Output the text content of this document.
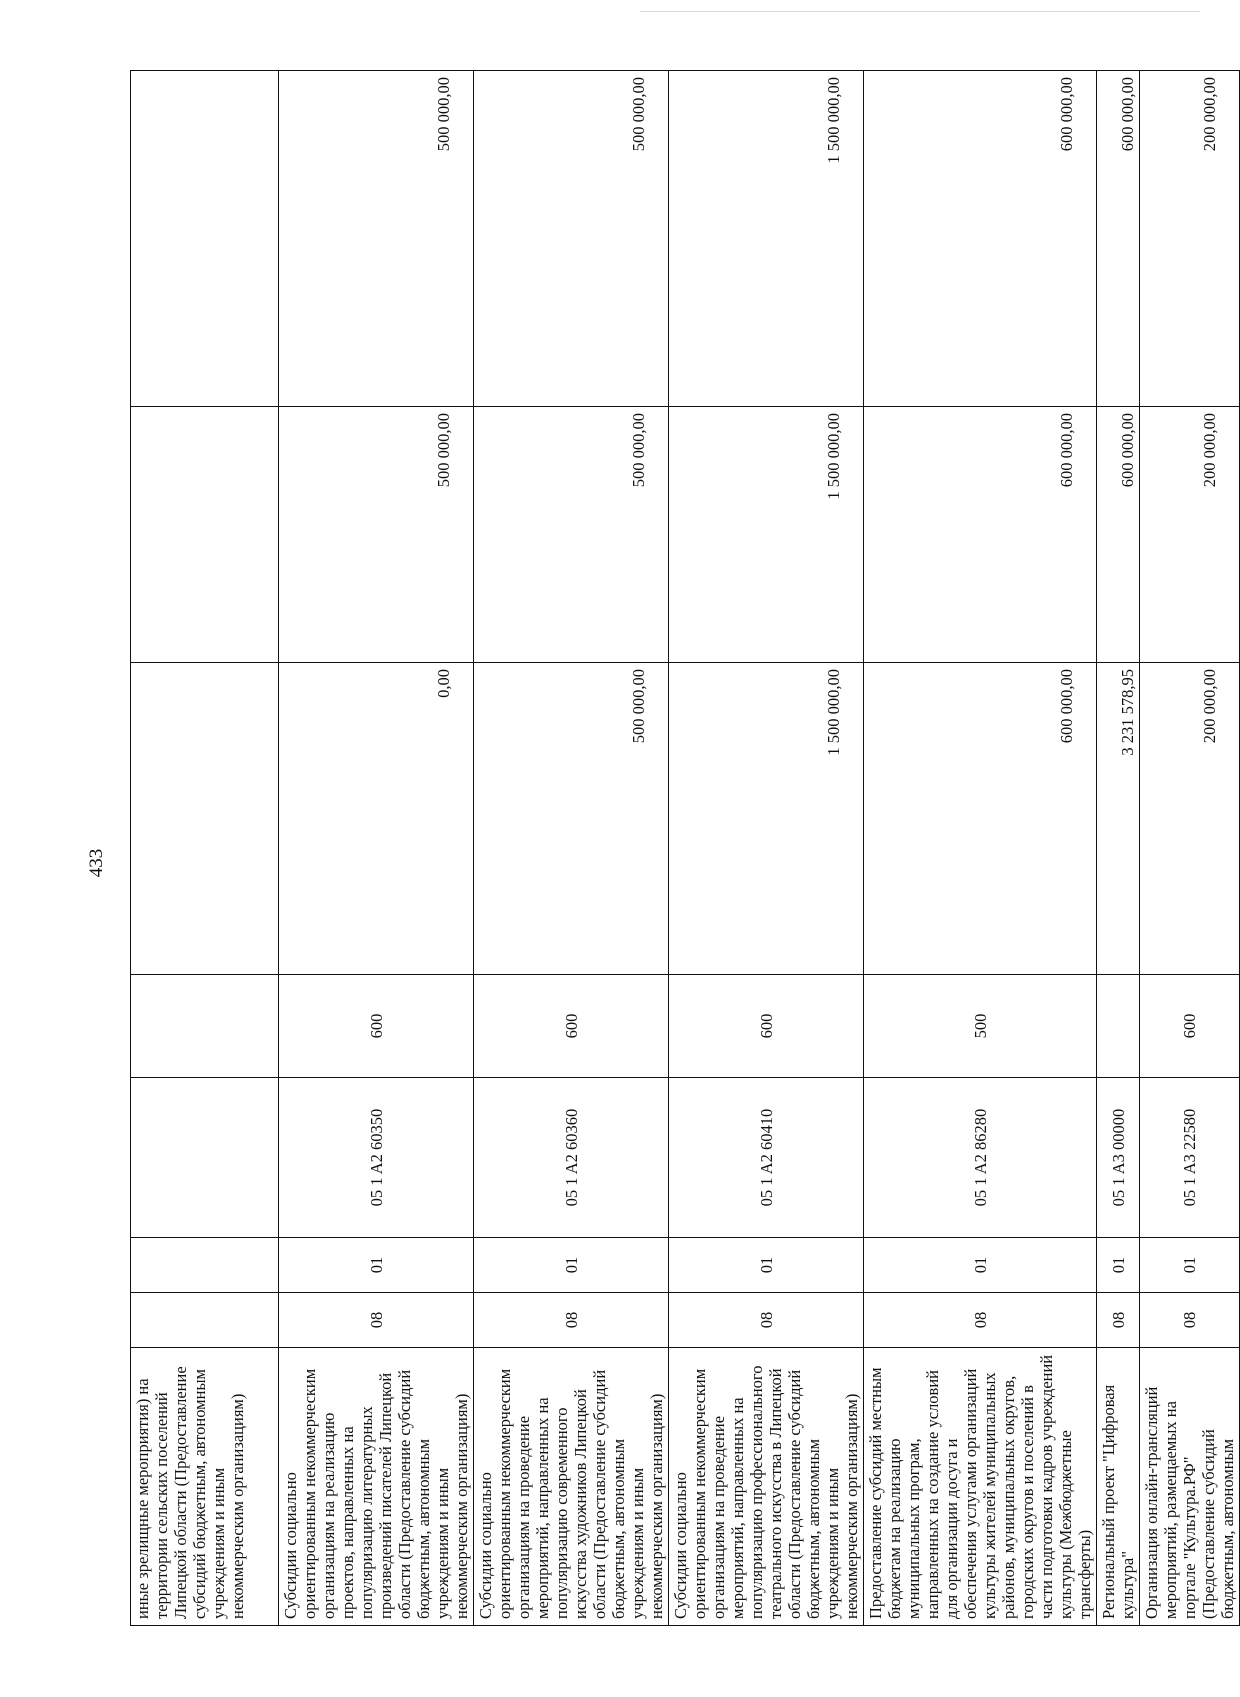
433
иные зрелищные мероприятия) на территории сельских поселений Липецкой области (Предоставление субсидий бюджетным, автономным учреждениям и иным некоммерческим организациям)							
Субсидии социально ориентированным некоммерческим организациям на реализацию проектов, направленных на популяризацию литературных произведений писателей Липецкой области (Предоставление субсидий бюджетным, автономным учреждениям и иным некоммерческим организациям)	08	01	05 1 A2 60350	600	0,00	500 000,00	500 000,00
Субсидии социально ориентированным некоммерческим организациям на проведение мероприятий, направленных на популяризацию современного искусства художников Липецкой области (Предоставление субсидий бюджетным, автономным учреждениям и иным некоммерческим организациям)	08	01	05 1 A2 60360	600	500 000,00	500 000,00	500 000,00
Субсидии социально ориентированным некоммерческим организациям на проведение мероприятий, направленных на популяризацию профессионального театрального искусства в Липецкой области (Предоставление субсидий бюджетным, автономным учреждениям и иным некоммерческим организациям)	08	01	05 1 A2 60410	600	1 500 000,00	1 500 000,00	1 500 000,00
Предоставление субсидий местным бюджетам на реализацию муниципальных програм, направленных на создание условий для организации досуга и обеспечения услугами организаций культуры жителей муниципальных районов, муниципальных округов, городских округов и поселений в части подготовки кадров учреждений культуры (Межбюджетные трансферты)	08	01	05 1 A2 86280	500	600 000,00	600 000,00	600 000,00
Региональный проект "Цифровая культура"	08	01	05 1 A3 00000		3 231 578,95	600 000,00	600 000,00
Организация онлайн-трансляций мероприятий, размещаемых на портале "Культура.РФ" (Предоставление субсидий бюджетным, автономным	08	01	05 1 A3 22580	600	200 000,00	200 000,00	200 000,00
